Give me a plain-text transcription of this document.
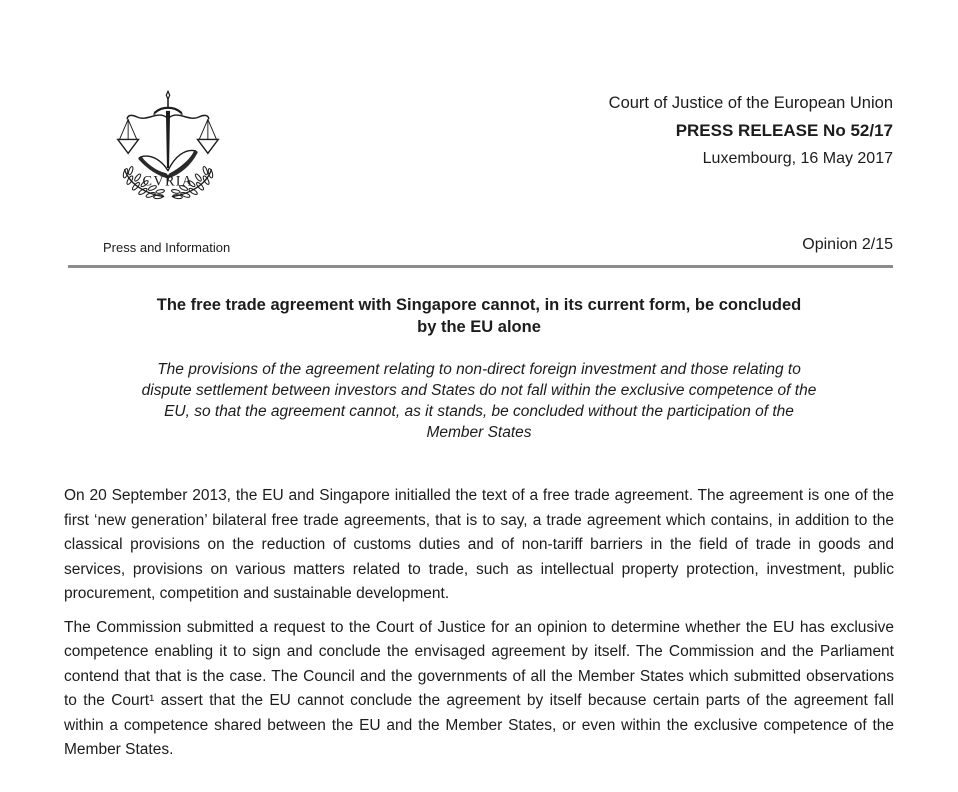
CVRIA
Press and Information
Court of Justice of the European Union
PRESS RELEASE No 52/17
Luxembourg, 16 May 2017
Opinion 2/15
The free trade agreement with Singapore cannot, in its current form, be concluded
by the EU alone
The provisions of the agreement relating to non-direct foreign investment and those relating to
dispute settlement between investors and States do not fall within the exclusive competence of the
EU, so that the agreement cannot, as it stands, be concluded without the participation of the
Member States

On 20 September 2013, the EU and Singapore initialled the text of a free trade agreement. The agreement is one of the first ‘new generation’ bilateral free trade agreements, that is to say, a trade agreement which contains, in addition to the classical provisions on the reduction of customs duties and of non-tariff barriers in the field of trade in goods and services, provisions on various matters related to trade, such as intellectual property protection, investment, public procurement, competition and sustainable development.

The Commission submitted a request to the Court of Justice for an opinion to determine whether the EU has exclusive competence enabling it to sign and conclude the envisaged agreement by itself. The Commission and the Parliament contend that that is the case. The Council and the governments of all the Member States which submitted observations to the Court¹ assert that the EU cannot conclude the agreement by itself because certain parts of the agreement fall within a competence shared between the EU and the Member States, or even within the exclusive competence of the Member States.
